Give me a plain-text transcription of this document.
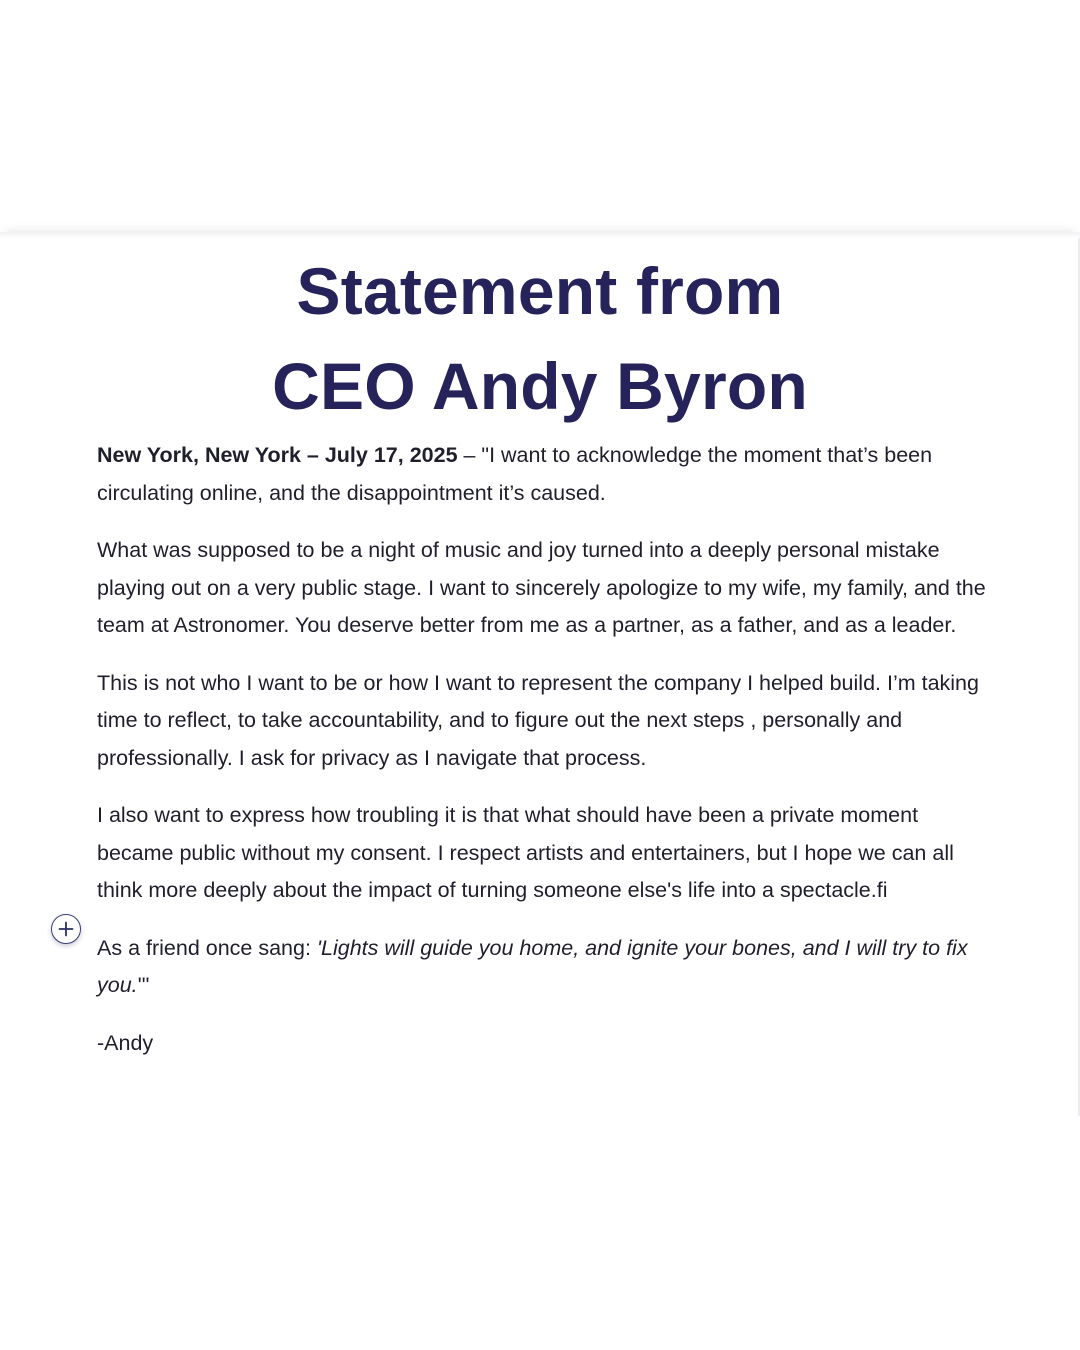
Statement from
CEO Andy Byron

New York, New York – July 17, 2025 – "I want to acknowledge the moment that’s been circulating online, and the disappointment it’s caused.

What was supposed to be a night of music and joy turned into a deeply personal mistake playing out on a very public stage. I want to sincerely apologize to my wife, my family, and the team at Astronomer. You deserve better from me as a partner, as a father, and as a leader.

This is not who I want to be or how I want to represent the company I helped build. I’m taking time to reflect, to take accountability, and to figure out the next steps , personally and professionally. I ask for privacy as I navigate that process.

I also want to express how troubling it is that what should have been a private moment became public without my consent. I respect artists and entertainers, but I hope we can all think more deeply about the impact of turning someone else's life into a spectacle.fi

As a friend once sang: 'Lights will guide you home, and ignite your bones, and I will try to fix you.'"

-Andy
